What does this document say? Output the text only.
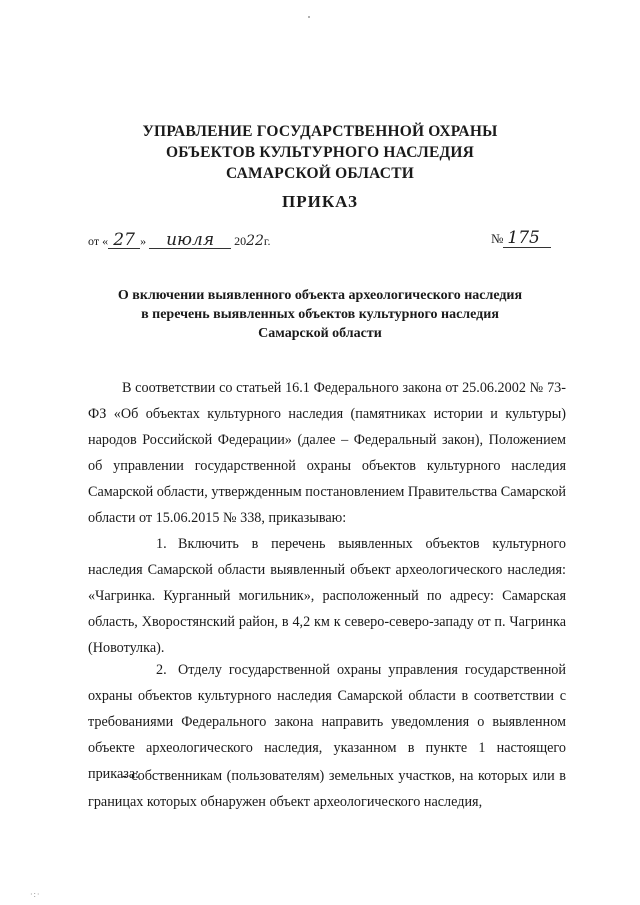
УПРАВЛЕНИЕ ГОСУДАРСТВЕННОЙ ОХРАНЫ
ОБЪЕКТОВ КУЛЬТУРНОГО НАСЛЕДИЯ
САМАРСКОЙ ОБЛАСТИ
ПРИКАЗ
от « 27 » июля 2022г.	№ 175
О включении выявленного объекта археологического наследия
в перечень выявленных объектов культурного наследия
Самарской области

В соответствии со статьей 16.1 Федерального закона от 25.06.2002 № 73-ФЗ «Об объектах культурного наследия (памятниках истории и культуры) народов Российской Федерации» (далее – Федеральный закон), Положением об управлении государственной охраны объектов культурного наследия Самарской области, утвержденным постановлением Правительства Самарской области от 15.06.2015 № 338, приказываю:

1. Включить в перечень выявленных объектов культурного наследия Самарской области выявленный объект археологического наследия: «Чагринка. Курганный могильник», расположенный по адресу: Самарская область, Хворостянский район, в 4,2 км к северо-северо-западу от п. Чагринка (Новотулка).

2. Отделу государственной охраны управления государственной охраны объектов культурного наследия Самарской области в соответствии с требованиями Федерального закона направить уведомления о выявленном объекте археологического наследия, указанном в пункте 1 настоящего приказа:

- собственникам (пользователям) земельных участков, на которых или в границах которых обнаружен объект археологического наследия,

·:·
